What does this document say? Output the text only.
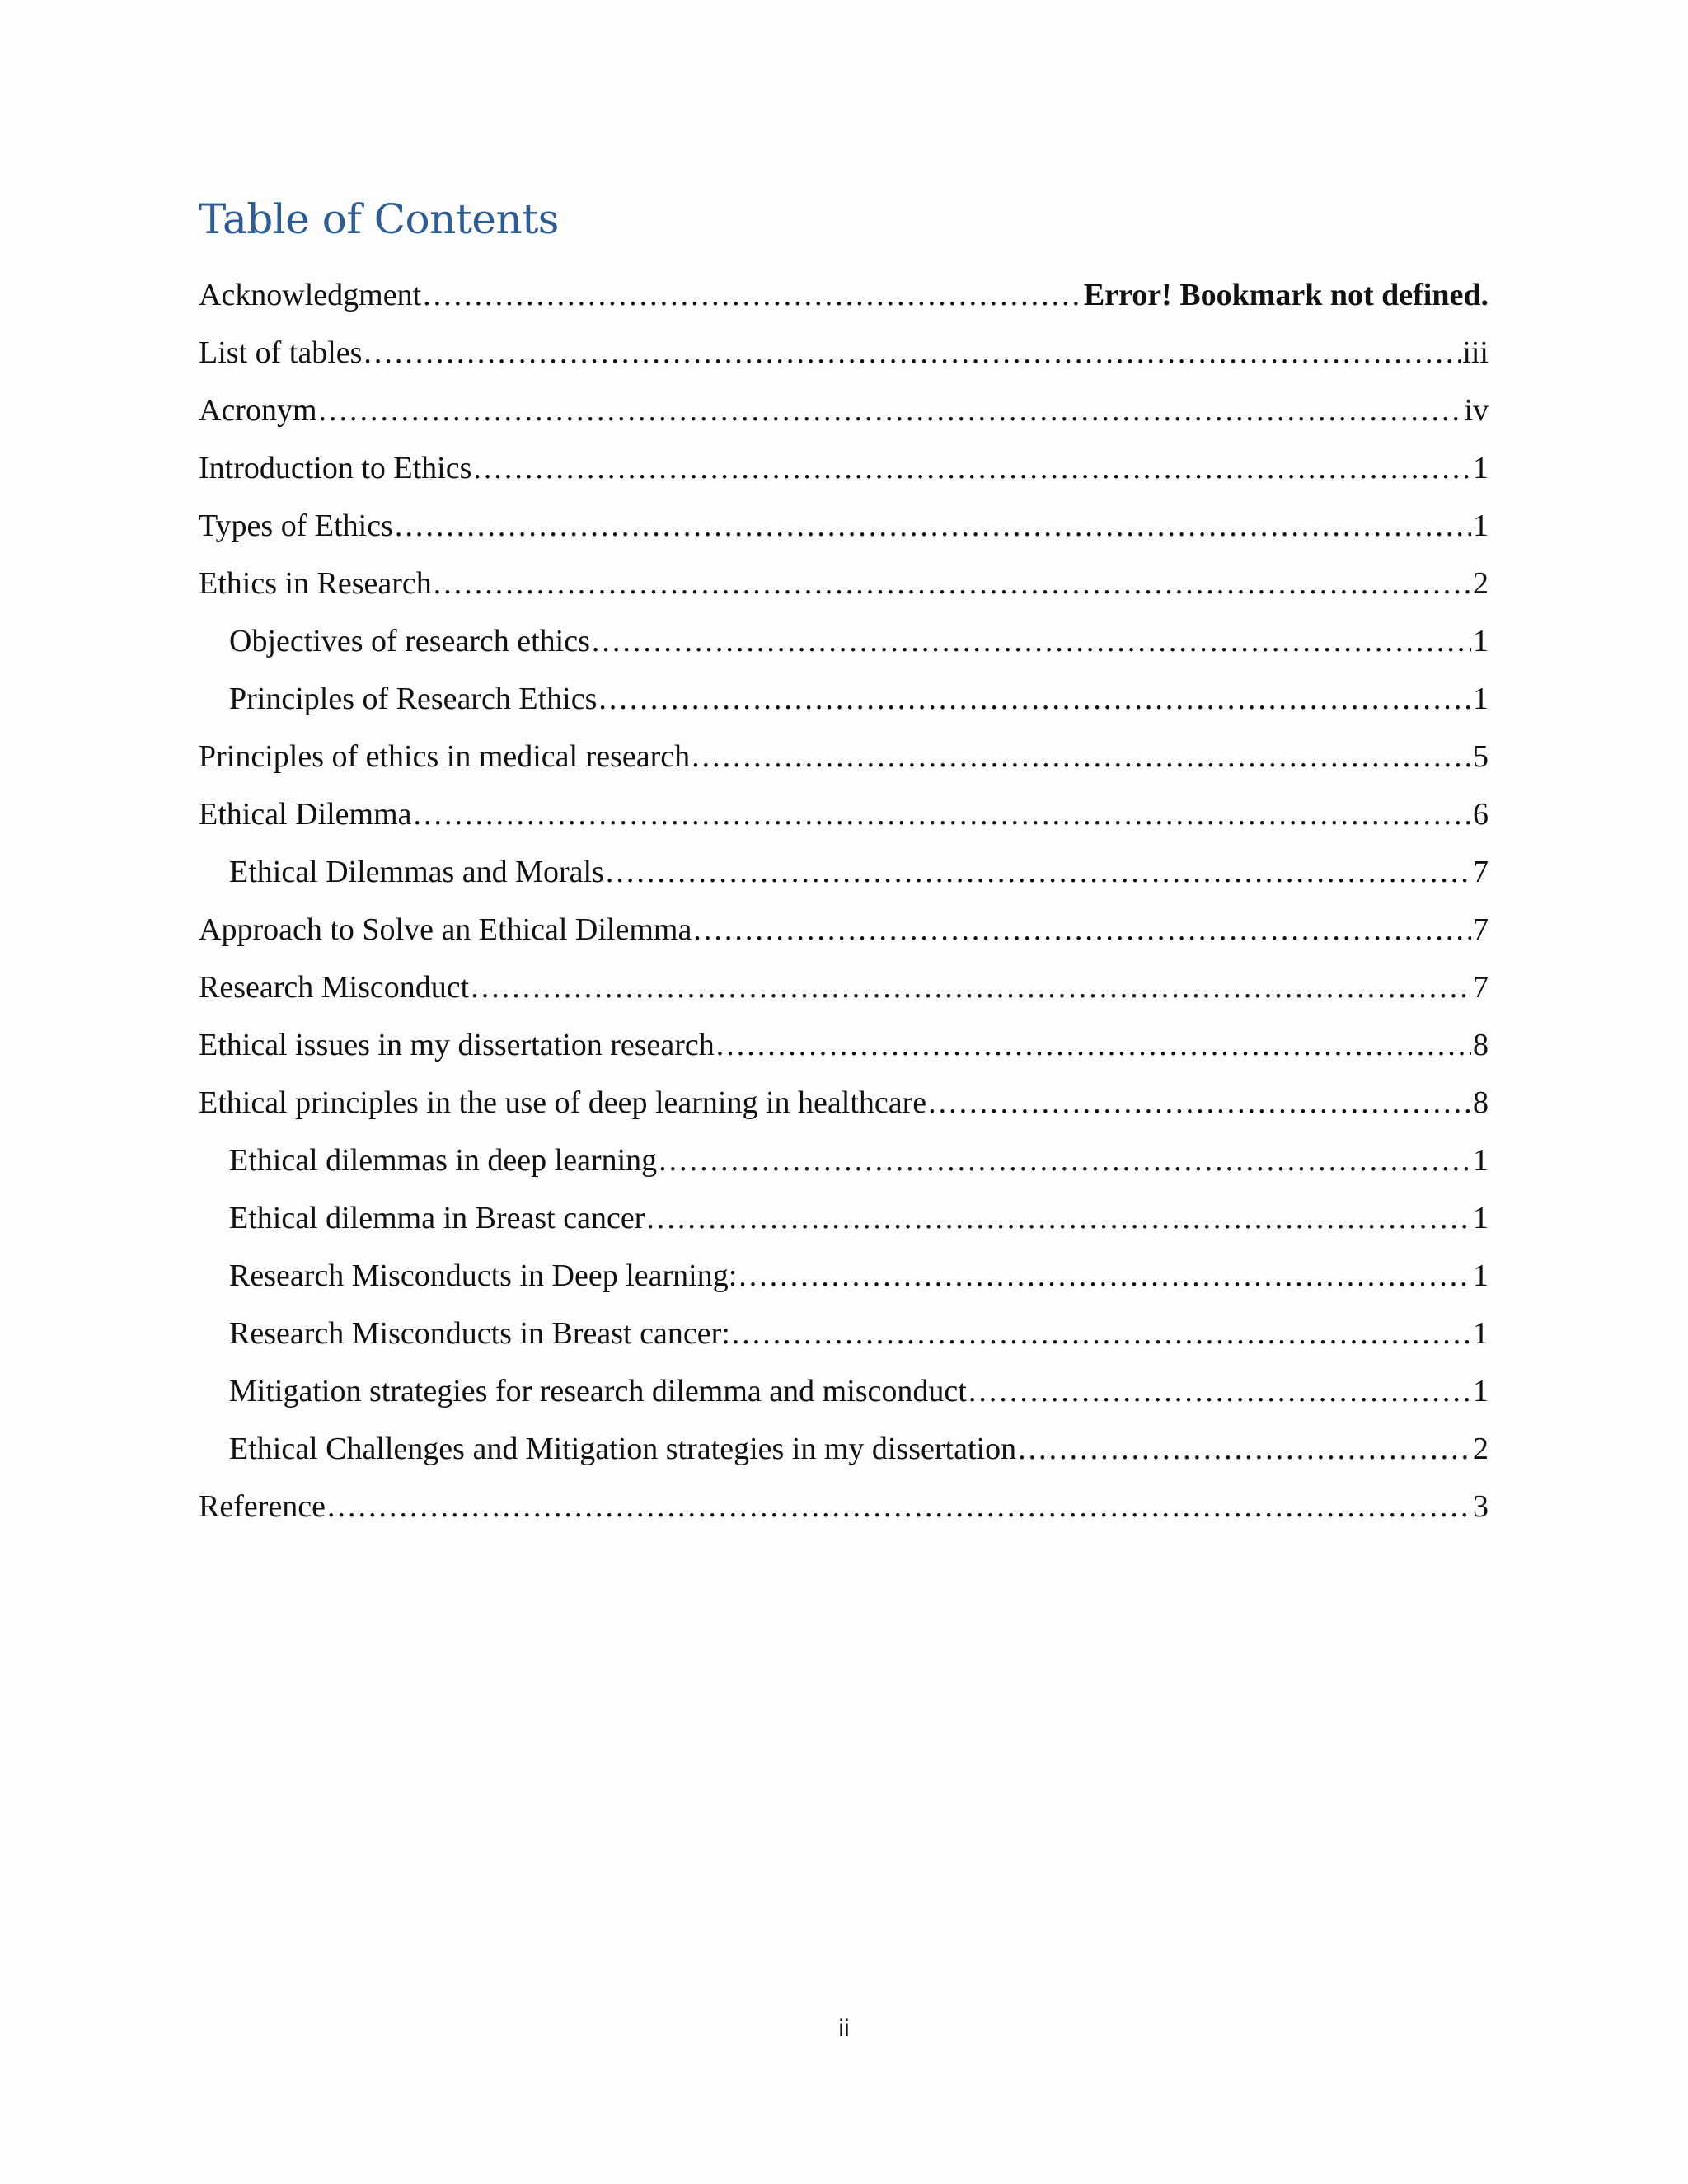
Table of Contents
Acknowledgment .....	Error! Bookmark not defined.
List of tables .....	iii
Acronym .....	iv
Introduction to Ethics .....	1
Types of Ethics .....	1
Ethics in Research .....	2
Objectives of research ethics .....	1
Principles of Research Ethics .....	1
Principles of ethics in medical research .....	5
Ethical Dilemma .....	6
Ethical Dilemmas and Morals .....	7
Approach to Solve an Ethical Dilemma .....	7
Research Misconduct .....	7
Ethical issues in my dissertation research .....	8
Ethical principles in the use of deep learning in healthcare .....	8
Ethical dilemmas in deep learning .....	1
Ethical dilemma in Breast cancer .....	1
Research Misconducts in Deep learning: .....	1
Research Misconducts in Breast cancer: .....	1
Mitigation strategies for research dilemma and misconduct .....	1
Ethical Challenges and Mitigation strategies in my dissertation .....	2
Reference .....	3
ii
